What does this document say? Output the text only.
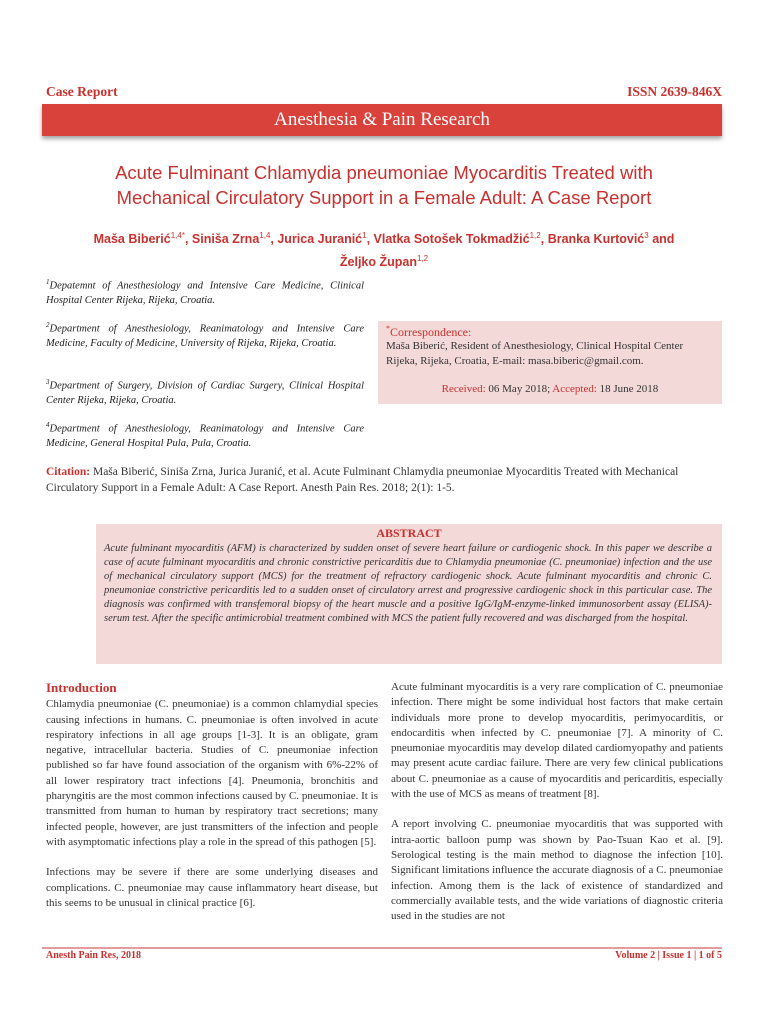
Case Report	ISSN 2639-846X
Anesthesia & Pain Research
Acute Fulminant Chlamydia pneumoniae Myocarditis Treated with
Mechanical Circulatory Support in a Female Adult: A Case Report
Maša Biberić$^{1,4*}$, Siniša Zrna$^{1,4}$, Jurica Juranić$^1$, Vlatka Sotošek Tokmadžić$^{1,2}$, Branka Kurtović$^3$ and
Željko Župan$^{1,2}$
$^1$Depatemnt of Anesthesiology and Intensive Care Medicine, Clinical Hospital Center Rijeka, Rijeka, Croatia.
$^2$Department of Anesthesiology, Reanimatology and Intensive Care Medicine, Faculty of Medicine, University of Rijeka, Rijeka, Croatia.
$^3$Department of Surgery, Division of Cardiac Surgery, Clinical Hospital Center Rijeka, Rijeka, Croatia.
$^4$Department of Anesthesiology, Reanimatology and Intensive Care Medicine, General Hospital Pula, Pula, Croatia.
*Correspondence:
Maša Biberić, Resident of Anesthesiology, Clinical Hospital Center Rijeka, Rijeka, Croatia, E-mail: masa.biberic@gmail.com.
Received: 06 May 2018; Accepted: 18 June 2018
Citation: Maša Biberić, Siniša Zrna, Jurica Juranić, et al. Acute Fulminant Chlamydia pneumoniae Myocarditis Treated with Mechanical Circulatory Support in a Female Adult: A Case Report. Anesth Pain Res. 2018; 2(1): 1-5.
ABSTRACT
Acute fulminant myocarditis (AFM) is characterized by sudden onset of severe heart failure or cardiogenic shock. In this paper we describe a case of acute fulminant myocarditis and chronic constrictive pericarditis due to Chlamydia pneumoniae (C. pneumoniae) infection and the use of mechanical circulatory support (MCS) for the treatment of refractory cardiogenic shock. Acute fulminant myocarditis and chronic C. pneumoniae constrictive pericarditis led to a sudden onset of circulatory arrest and progressive cardiogenic shock in this particular case. The diagnosis was confirmed with transfemoral biopsy of the heart muscle and a positive IgG/IgM-enzyme-linked immunosorbent assay (ELISA)-serum test. After the specific antimicrobial treatment combined with MCS the patient fully recovered and was discharged from the hospital.
Introduction

Chlamydia pneumoniae (C. pneumoniae) is a common chlamydial species causing infections in humans. C. pneumoniae is often involved in acute respiratory infections in all age groups [1-3]. It is an obligate, gram negative, intracellular bacteria. Studies of C. pneumoniae infection published so far have found association of the organism with 6%-22% of all lower respiratory tract infections [4]. Pneumonia, bronchitis and pharyngitis are the most common infections caused by C. pneumoniae. It is transmitted from human to human by respiratory tract secretions; many infected people, however, are just transmitters of the infection and people with asymptomatic infections play a role in the spread of this pathogen [5].

Infections may be severe if there are some underlying diseases and complications. C. pneumoniae may cause inflammatory heart disease, but this seems to be unusual in clinical practice [6].

Acute fulminant myocarditis is a very rare complication of C. pneumoniae infection. There might be some individual host factors that make certain individuals more prone to develop myocarditis, perimyocarditis, or endocarditis when infected by C. pneumoniae [7]. A minority of C. pneumoniae myocarditis may develop dilated cardiomyopathy and patients may present acute cardiac failure. There are very few clinical publications about C. pneumoniae as a cause of myocarditis and pericarditis, especially with the use of MCS as means of treatment [8].

A report involving C. pneumoniae myocarditis that was supported with intra-aortic balloon pump was shown by Pao-Tsuan Kao et al. [9]. Serological testing is the main method to diagnose the infection [10]. Significant limitations influence the accurate diagnosis of a C. pneumoniae infection. Among them is the lack of existence of standardized and commercially available tests, and the wide variations of diagnostic criteria used in the studies are not

Anesth Pain Res, 2018	Volume 2 | Issue 1 | 1 of 5
